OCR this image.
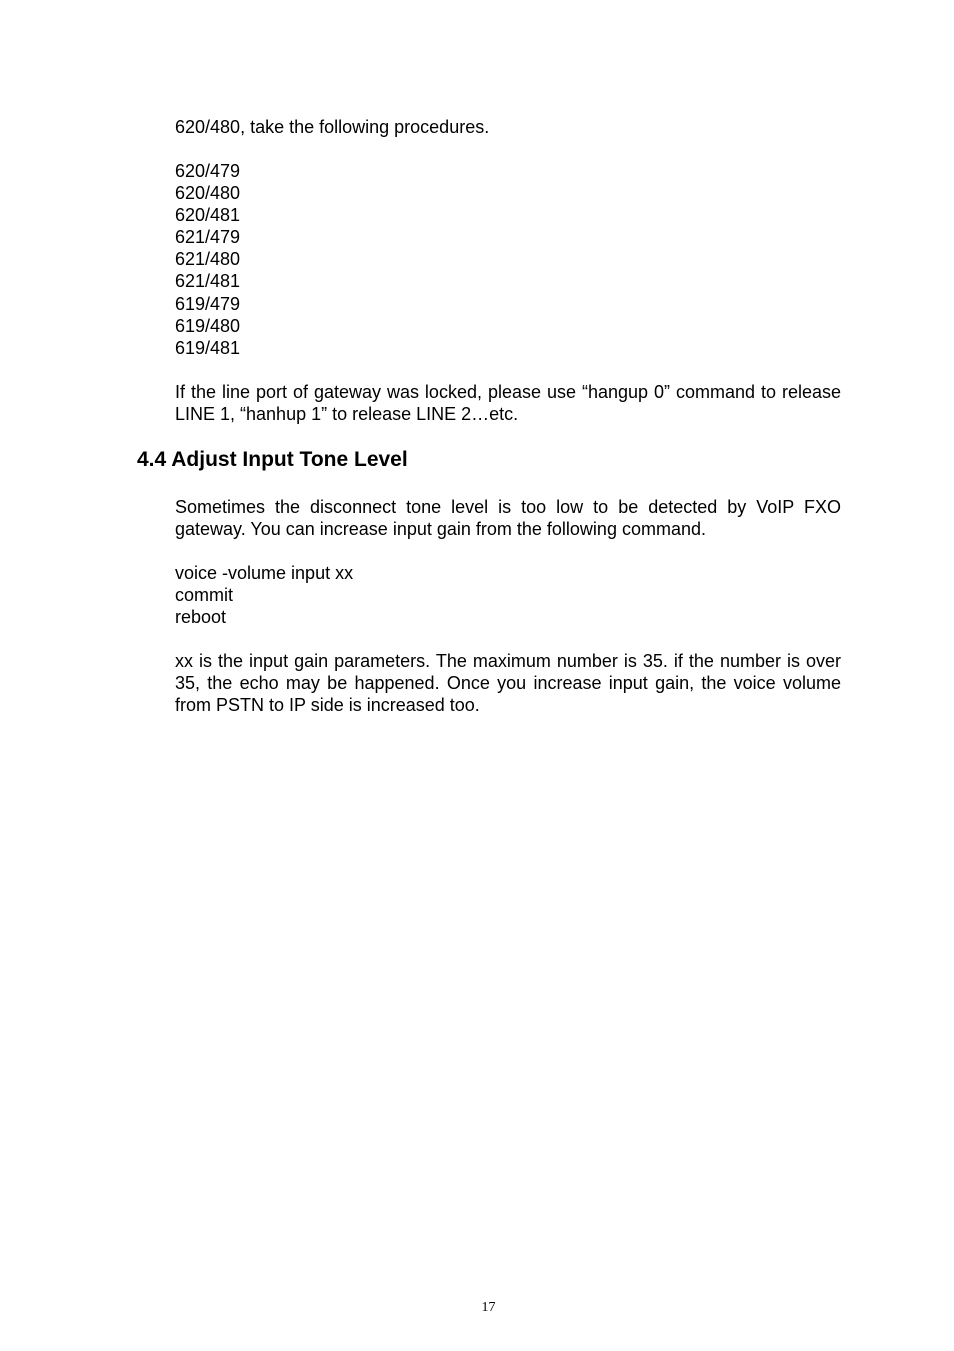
620/480, take the following procedures.

620/479
620/480
620/481
621/479
621/480
621/481
619/479
619/480
619/481

If the line port of gateway was locked, please use “hangup 0” command to release LINE 1, “hanhup 1” to release LINE 2…etc.

4.4 Adjust Input Tone Level

Sometimes the disconnect tone level is too low to be detected by VoIP FXO gateway. You can increase input gain from the following command.

voice -volume input xx
commit
reboot

xx is the input gain parameters. The maximum number is 35. if the number is over 35, the echo may be happened. Once you increase input gain, the voice volume from PSTN to IP side is increased too.

17
